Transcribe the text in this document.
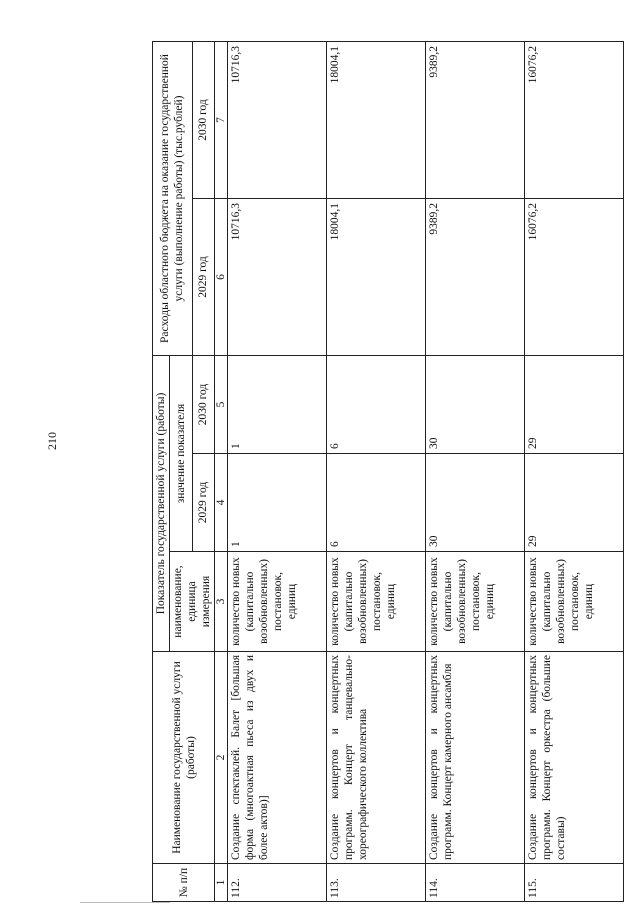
210
№ п/п	Наименование государственной услуги (работы)	Показатель государственной услуги (работы)			Расходы областного бюджета на оказание государственной услуги (выполнение работы) (тыс.рублей)	
		наименование, единица измерения	значение показателя			
			2029 год	2030 год	2029 год	2030 год
1	2	3	4	5	6	7
112.	Создание спектаклей. Балет [большая форма (многоактная пьеса из двух и более актов)]	количество новых (капитально возобновленных) постановок, единиц	1	1	10716,3	10716,3
113.	Создание концертов и концертных программ. Концерт танцевально-хореографического коллектива	количество новых (капитально возобновленных) постановок, единиц	6	6	18004,1	18004,1
114.	Создание концертов и концертных программ. Концерт камерного ансамбля	количество новых (капитально возобновленных) постановок, единиц	30	30	9389,2	9389,2
115.	Создание концертов и концертных программ. Концерт оркестра (большие составы)	количество новых (капитально возобновленных) постановок, единиц	29	29	16076,2	16076,2
